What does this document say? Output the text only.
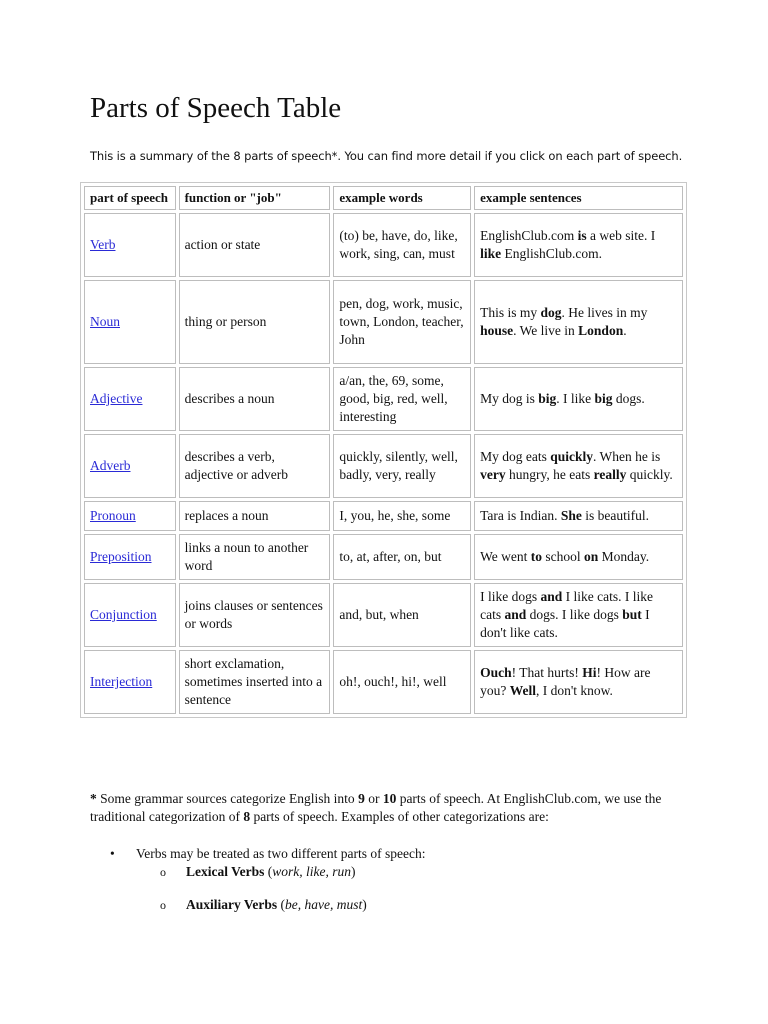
Parts of Speech Table

This is a summary of the 8 parts of speech*. You can find more detail if you click on each part of speech.

part of speech	function or "job"	example words	example sentences
Verb	action or state	(to) be, have, do, like, work, sing, can, must	EnglishClub.com is a web site. I like EnglishClub.com.
Noun	thing or person	pen, dog, work, music, town, London, teacher, John	This is my dog. He lives in my house. We live in London.
Adjective	describes a noun	a/an, the, 69, some, good, big, red, well, interesting	My dog is big. I like big dogs.
Adverb	describes a verb, adjective or adverb	quickly, silently, well, badly, very, really	My dog eats quickly. When he is very hungry, he eats really quickly.
Pronoun	replaces a noun	I, you, he, she, some	Tara is Indian. She is beautiful.
Preposition	links a noun to another word	to, at, after, on, but	We went to school on Monday.
Conjunction	joins clauses or sentences or words	and, but, when	I like dogs and I like cats. I like cats and dogs. I like dogs but I don't like cats.
Interjection	short exclamation, sometimes inserted into a sentence	oh!, ouch!, hi!, well	Ouch! That hurts! Hi! How are you? Well, I don't know.

* Some grammar sources categorize English into 9 or 10 parts of speech. At EnglishClub.com, we use the traditional categorization of 8 parts of speech. Examples of other categorizations are:

• Verbs may be treated as two different parts of speech:
o Lexical Verbs (work, like, run)
o Auxiliary Verbs (be, have, must)
